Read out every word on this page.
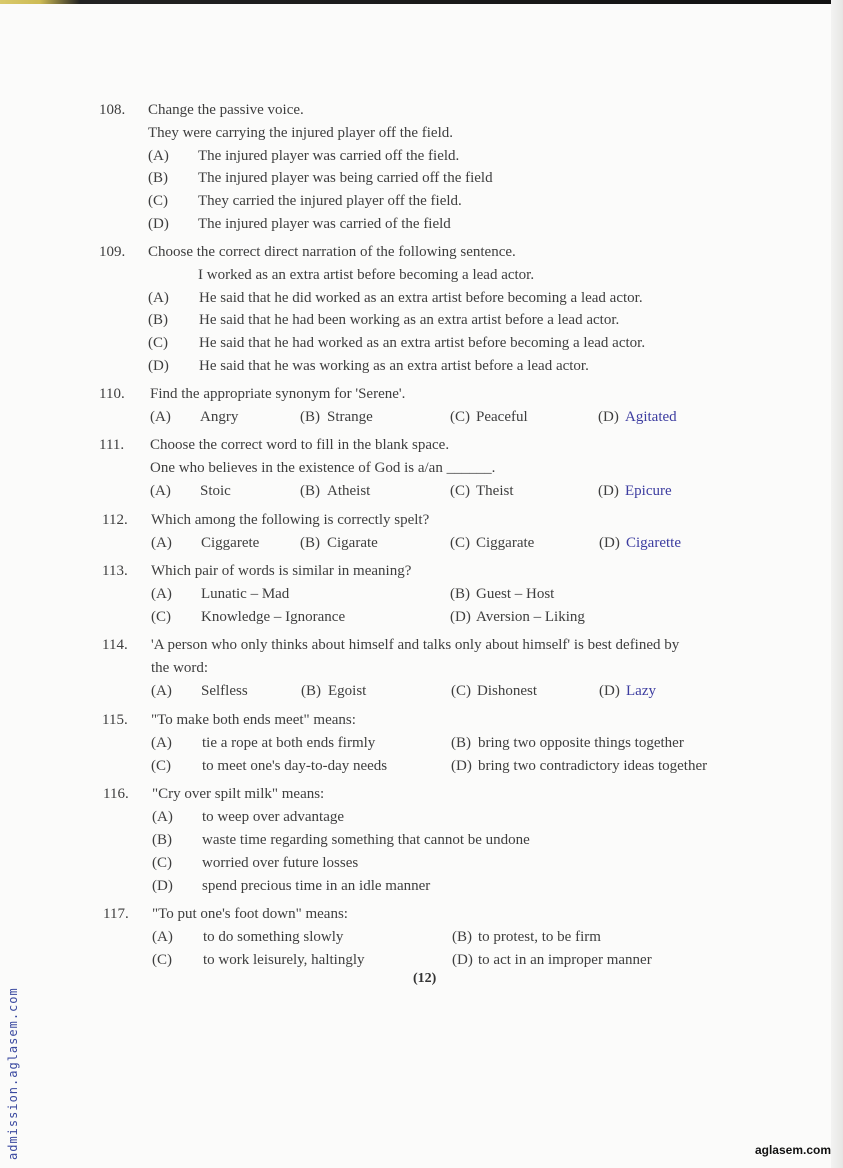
108.	Change the passive voice.
They were carrying the injured player off the field.
(A) The injured player was carried off the field.
(B) The injured player was being carried off the field
(C) They carried the injured player off the field.
(D) The injured player was carried of the field
109.	Choose the correct direct narration of the following sentence.
I worked as an extra artist before becoming a lead actor.
(A) He said that he did worked as an extra artist before becoming a lead actor.
(B) He said that he had been working as an extra artist before a lead actor.
(C) He said that he had worked as an extra artist before becoming a lead actor.
(D) He said that he was working as an extra artist before a lead actor.
110.	Find the appropriate synonym for 'Serene'.
(A) Angry	(B) Strange	(C) Peaceful	(D) Agitated
111.	Choose the correct word to fill in the blank space.
One who believes in the existence of God is a/an ______.
(A) Stoic	(B) Atheist	(C) Theist	(D) Epicure
112.	Which among the following is correctly spelt?
(A) Ciggarete	(B) Cigarate	(C) Ciggarate	(D) Cigarette
113.	Which pair of words is similar in meaning?
(A) Lunatic – Mad	(B) Guest – Host
(C) Knowledge – Ignorance	(D) Aversion – Liking
114.	'A person who only thinks about himself and talks only about himself' is best defined by
the word:
(A) Selfless	(B) Egoist	(C) Dishonest	(D) Lazy
115.	"To make both ends meet" means:
(A) tie a rope at both ends firmly	(B) bring two opposite things together
(C) to meet one's day-to-day needs	(D) bring two contradictory ideas together
116.	"Cry over spilt milk" means:
(A) to weep over advantage
(B) waste time regarding something that cannot be undone
(C) worried over future losses
(D) spend precious time in an idle manner
117.	"To put one's foot down" means:
(A) to do something slowly	(B) to protest, to be firm
(C) to work leisurely, haltingly	(D) to act in an improper manner
(12)
admission.aglasem.com	aglasem.com
